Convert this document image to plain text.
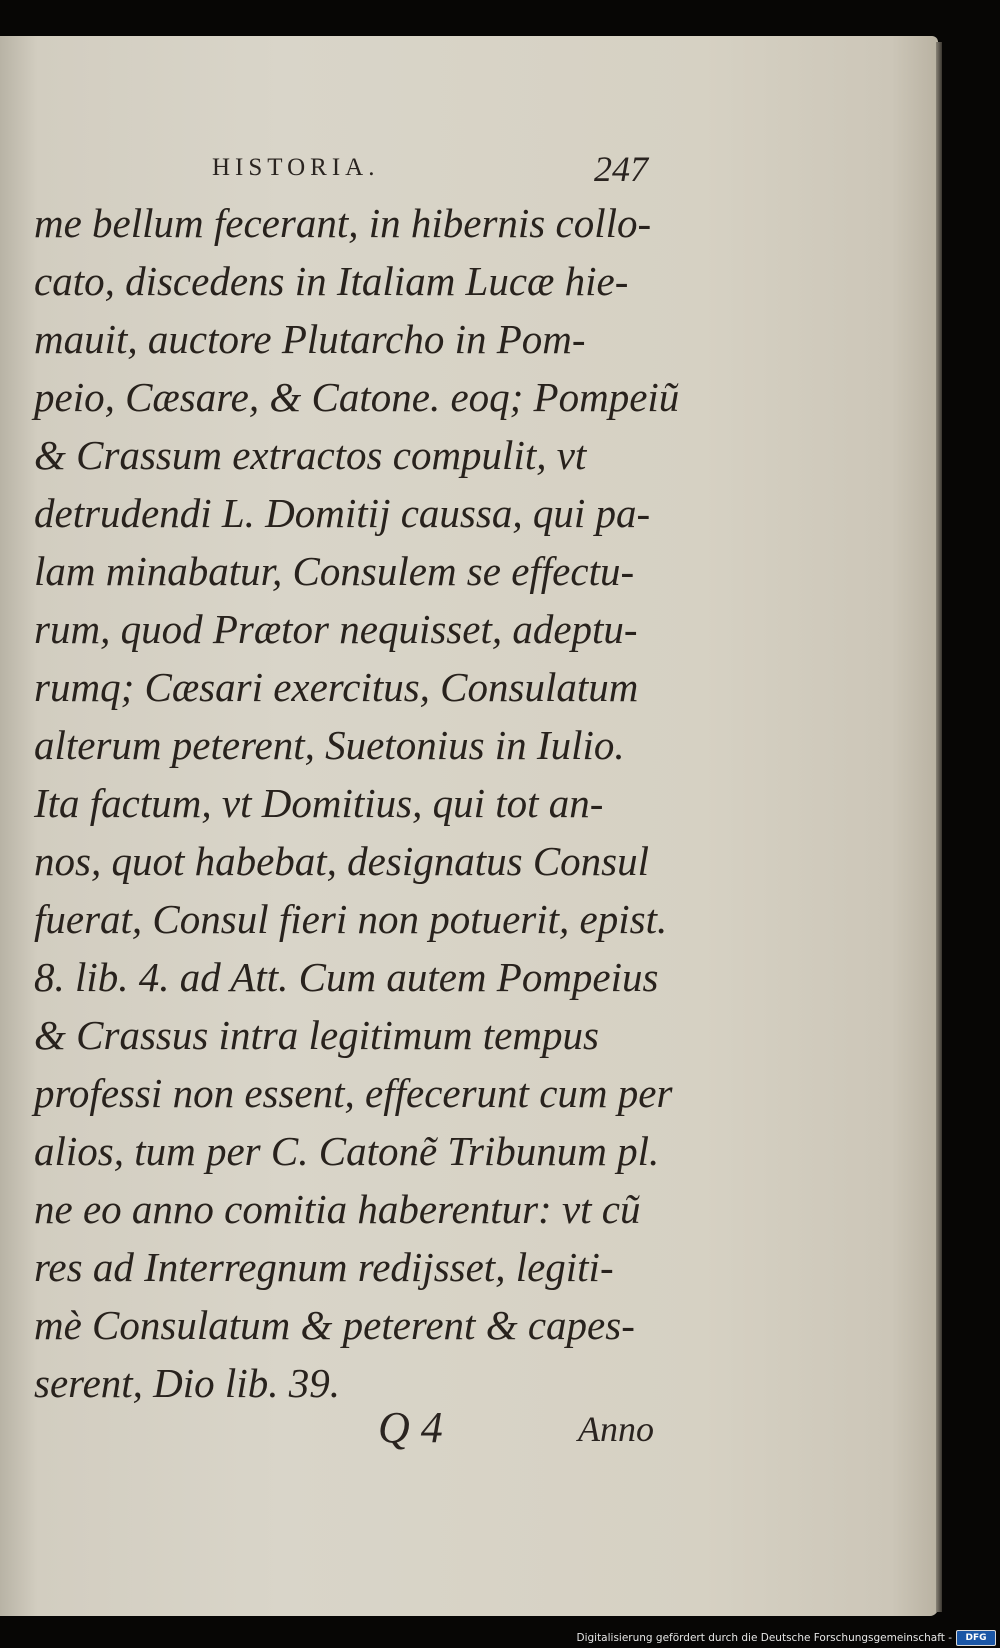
HISTORIA.	247
me bellum fecerant, in hibernis collo-
cato, discedens in Italiam Lucæ hie-
mauit, auctore Plutarcho in Pom-
peio, Cæsare, & Catone. eoq; Pompeiũ
& Crassum extractos compulit, vt
detrudendi L. Domitij caussa, qui pa-
lam minabatur, Consulem se effectu-
rum, quod Prætor nequisset, adeptu-
rumq; Cæsari exercitus, Consulatum
alterum peterent, Suetonius in Iulio.
Ita factum, vt Domitius, qui tot an-
nos, quot habebat, designatus Consul
fuerat, Consul fieri non potuerit, epist.
8. lib. 4. ad Att. Cum autem Pompeius
& Crassus intra legitimum tempus
professi non essent, effecerunt cum per
alios, tum per C. Catonẽ Tribunum pl.
ne eo anno comitia haberentur: vt cũ
res ad Interregnum redijsset, legiti-
mè Consulatum & peterent & capes-
serent, Dio lib. 39.
Q 4	Anno
Digitalisierung gefördert durch die Deutsche Forschungsgemeinschaft -	DFG
